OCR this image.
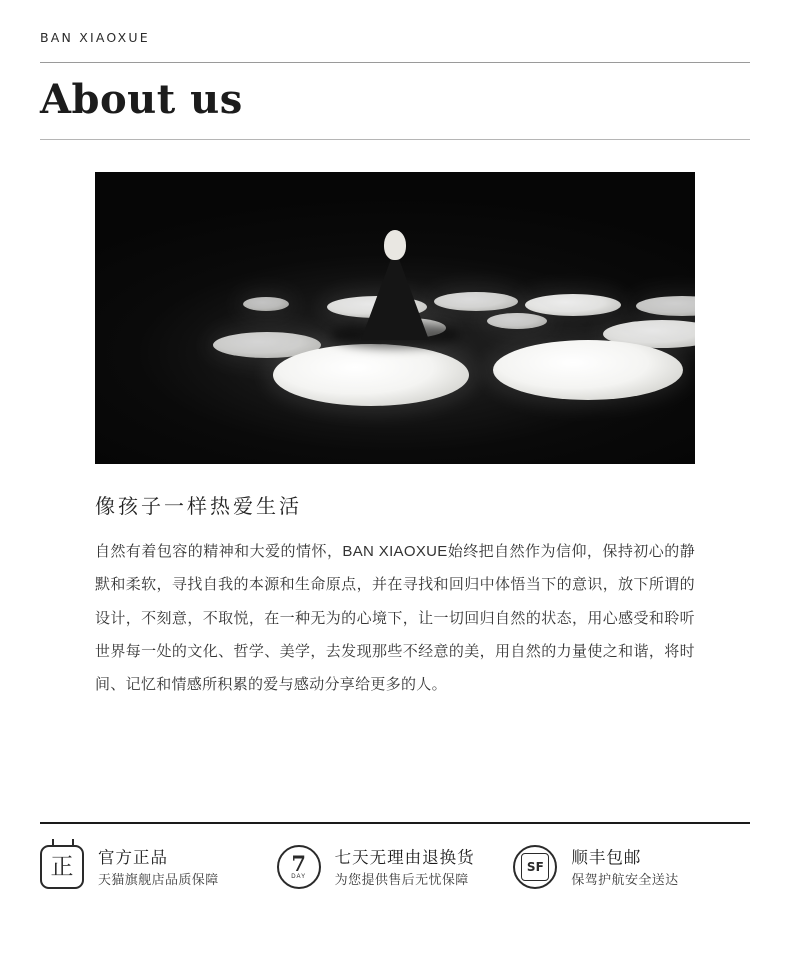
BAN XIAOXUE
About us
像孩子一样热爱生活

自然有着包容的精神和大爱的情怀，BAN XIAOXUE始终把自然作为信仰，保持初心的静默和柔软，寻找自我的本源和生命原点，并在寻找和回归中体悟当下的意识，放下所谓的设计，不刻意，不取悦，在一种无为的心境下，让一切回归自然的状态，用心感受和聆听世界每一处的文化、哲学、美学，去发现那些不经意的美，用自然的力量使之和谐，将时间、记忆和情感所积累的爱与感动分享给更多的人。

正	官方正品
天猫旗舰店品质保障
7
DAY
七天无理由退换货
为您提供售后无忧保障
SF	顺丰包邮
保驾护航安全送达
